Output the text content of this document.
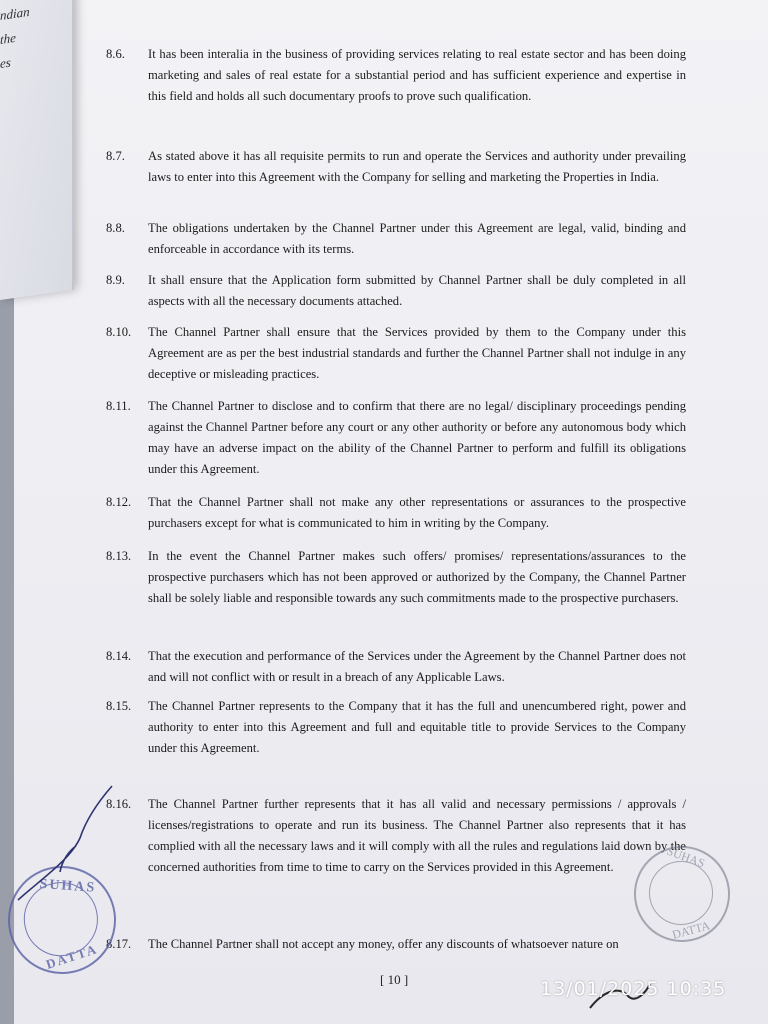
ndian
the
es
8.6.	It has been interalia in the business of providing services relating to real estate sector and has been doing marketing and sales of real estate for a substantial period and has sufficient experience and expertise in this field and holds all such documentary proofs to prove such qualification.
8.7.	As stated above it has all requisite permits to run and operate the Services and authority under prevailing laws to enter into this Agreement with the Company for selling and marketing the Properties in India.
8.8.	The obligations undertaken by the Channel Partner under this Agreement are legal, valid, binding and enforceable in accordance with its terms.
8.9.	It shall ensure that the Application form submitted by Channel Partner shall be duly completed in all aspects with all the necessary documents attached.
8.10.	The Channel Partner shall ensure that the Services provided by them to the Company under this Agreement are as per the best industrial standards and further the Channel Partner shall not indulge in any deceptive or misleading practices.
8.11.	The Channel Partner to disclose and to confirm that there are no legal/ disciplinary proceedings pending against the Channel Partner before any court or any other authority or before any autonomous body which may have an adverse impact on the ability of the Channel Partner to perform and fulfill its obligations under this Agreement.
8.12.	That the Channel Partner shall not make any other representations or assurances to the prospective purchasers except for what is communicated to him in writing by the Company.
8.13.	In the event the Channel Partner makes such offers/ promises/ representations/assurances to the prospective purchasers which has not been approved or authorized by the Company, the Channel Partner shall be solely liable and responsible towards any such commitments made to the prospective purchasers.
8.14.	That the execution and performance of the Services under the Agreement by the Channel Partner does not and will not conflict with or result in a breach of any Applicable Laws.
8.15.	The Channel Partner represents to the Company that it has the full and unencumbered right, power and authority to enter into this Agreement and full and equitable title to provide Services to the Company under this Agreement.
8.16.	The Channel Partner further represents that it has all valid and necessary permissions / approvals / licenses/registrations to operate and run its business. The Channel Partner also represents that it has complied with all the necessary laws and it will comply with all the rules and regulations laid down by the concerned authorities from time to time to carry on the Services provided in this Agreement.
8.17.	The Channel Partner shall not accept any money, offer any discounts of whatsoever nature on
[ 10 ]
SUHAS
DATTA
SUHAS
DATTA
13/01/2025 10:35
